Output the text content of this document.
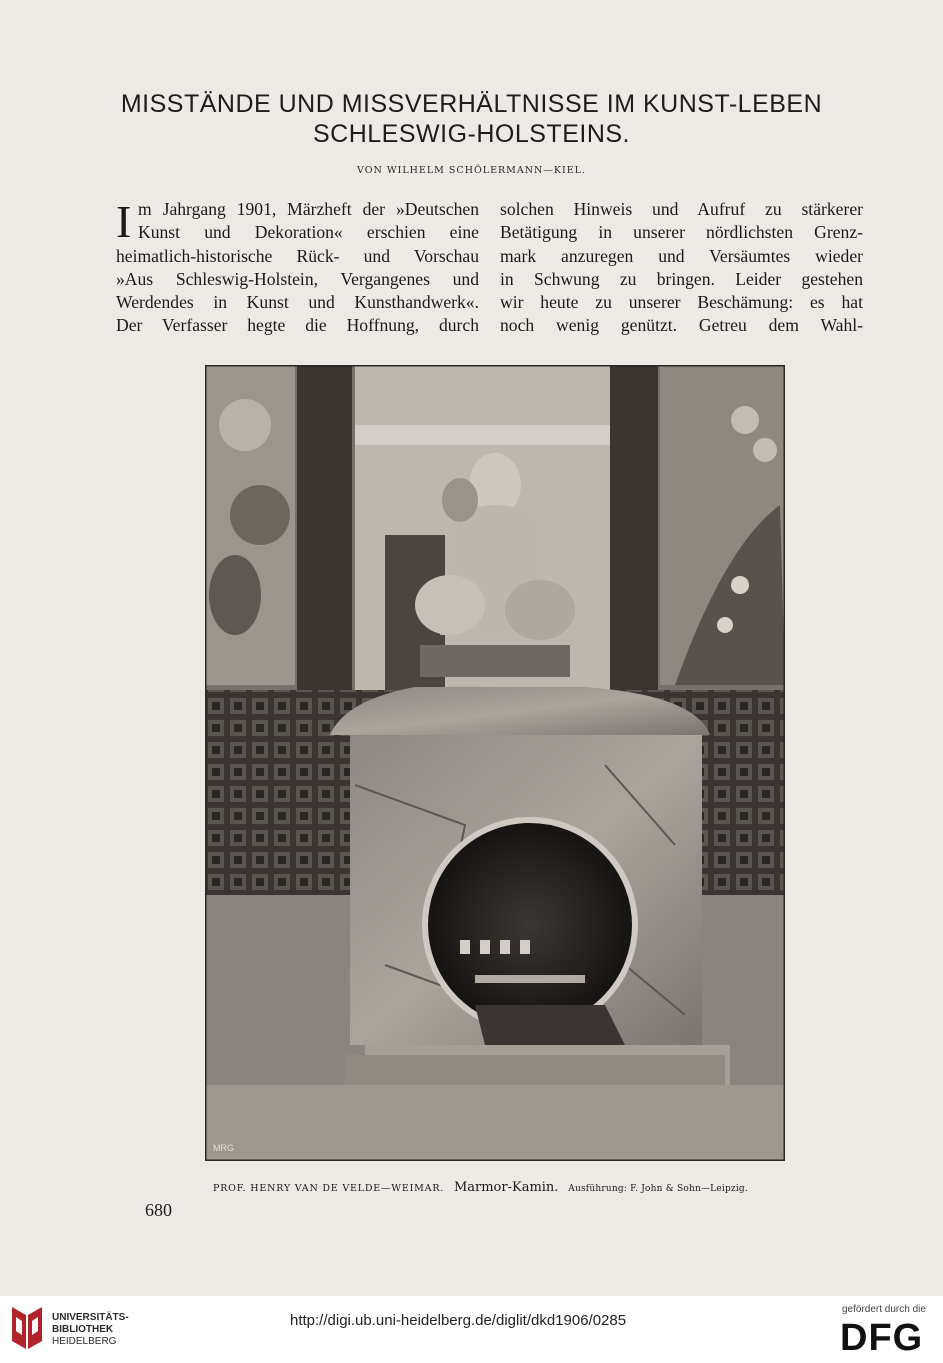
MISSTÄNDE UND MISSVERHÄLTNISSE IM KUNST-LEBEN
SCHLESWIG-HOLSTEINS.
VON WILHELM SCHÖLERMANN—KIEL.
I m Jahrgang 1901, Märzheft der »Deutschen
Kunst und Dekoration« erschien eine
heimatlich-historische Rück- und Vorschau
»Aus Schleswig-Holstein, Vergangenes und
Werdendes in Kunst und Kunsthandwerk«.
Der Verfasser hegte die Hoffnung, durch
solchen Hinweis und Aufruf zu stärkerer
Betätigung in unserer nördlichsten Grenz-
mark anzuregen und Versäumtes wieder
in Schwung zu bringen. Leider gestehen
wir heute zu unserer Beschämung: es hat
noch wenig genützt. Getreu dem Wahl-
MRG
PROF. HENRY VAN DE VELDE—WEIMAR. Marmor-Kamin. Ausführung: F. John & Sohn—Leipzig.
680
UNIVERSITÄTS-
BIBLIOTHEK
HEIDELBERG
http://digi.ub.uni-heidelberg.de/diglit/dkd1906/0285
gefördert durch die
DFG
